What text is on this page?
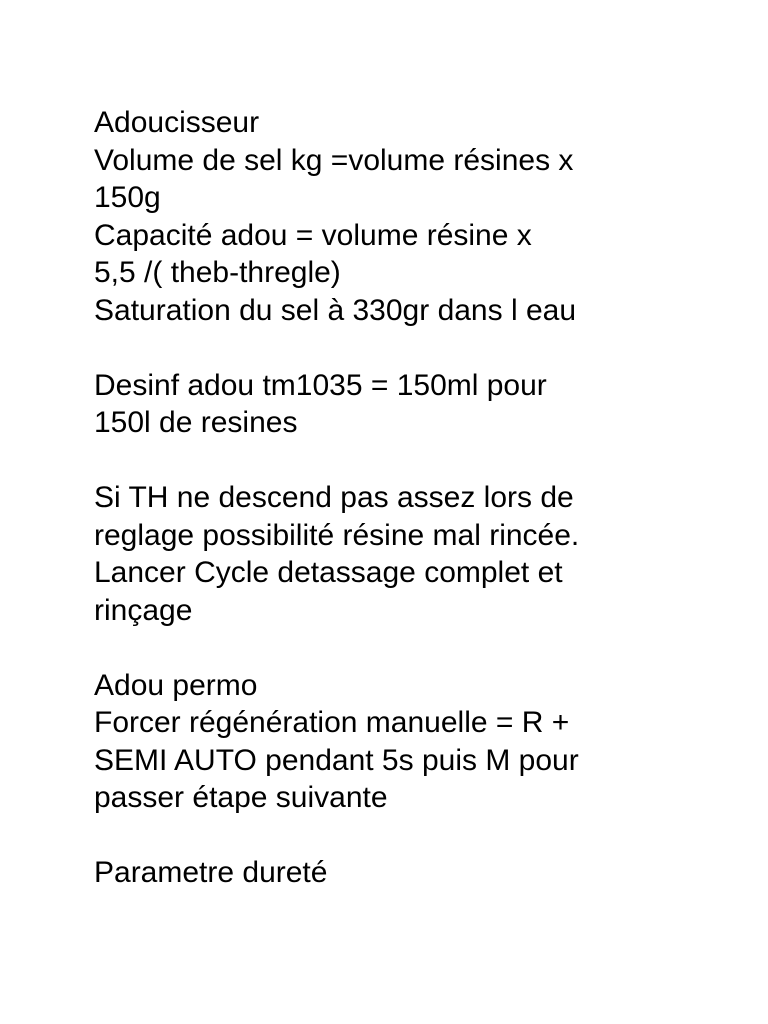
Adoucisseur
Volume de sel kg =volume résines x
150g
Capacité adou = volume résine x
5,5 /( theb-thregle)
Saturation du sel à 330gr dans l eau
Desinf adou tm1035 = 150ml pour
150l de resines
Si TH ne descend pas assez lors de
reglage possibilité résine mal rincée.
Lancer Cycle detassage complet et
rinçage
Adou permo
Forcer régénération manuelle = R +
SEMI AUTO pendant 5s puis M pour
passer étape suivante
Parametre dureté
